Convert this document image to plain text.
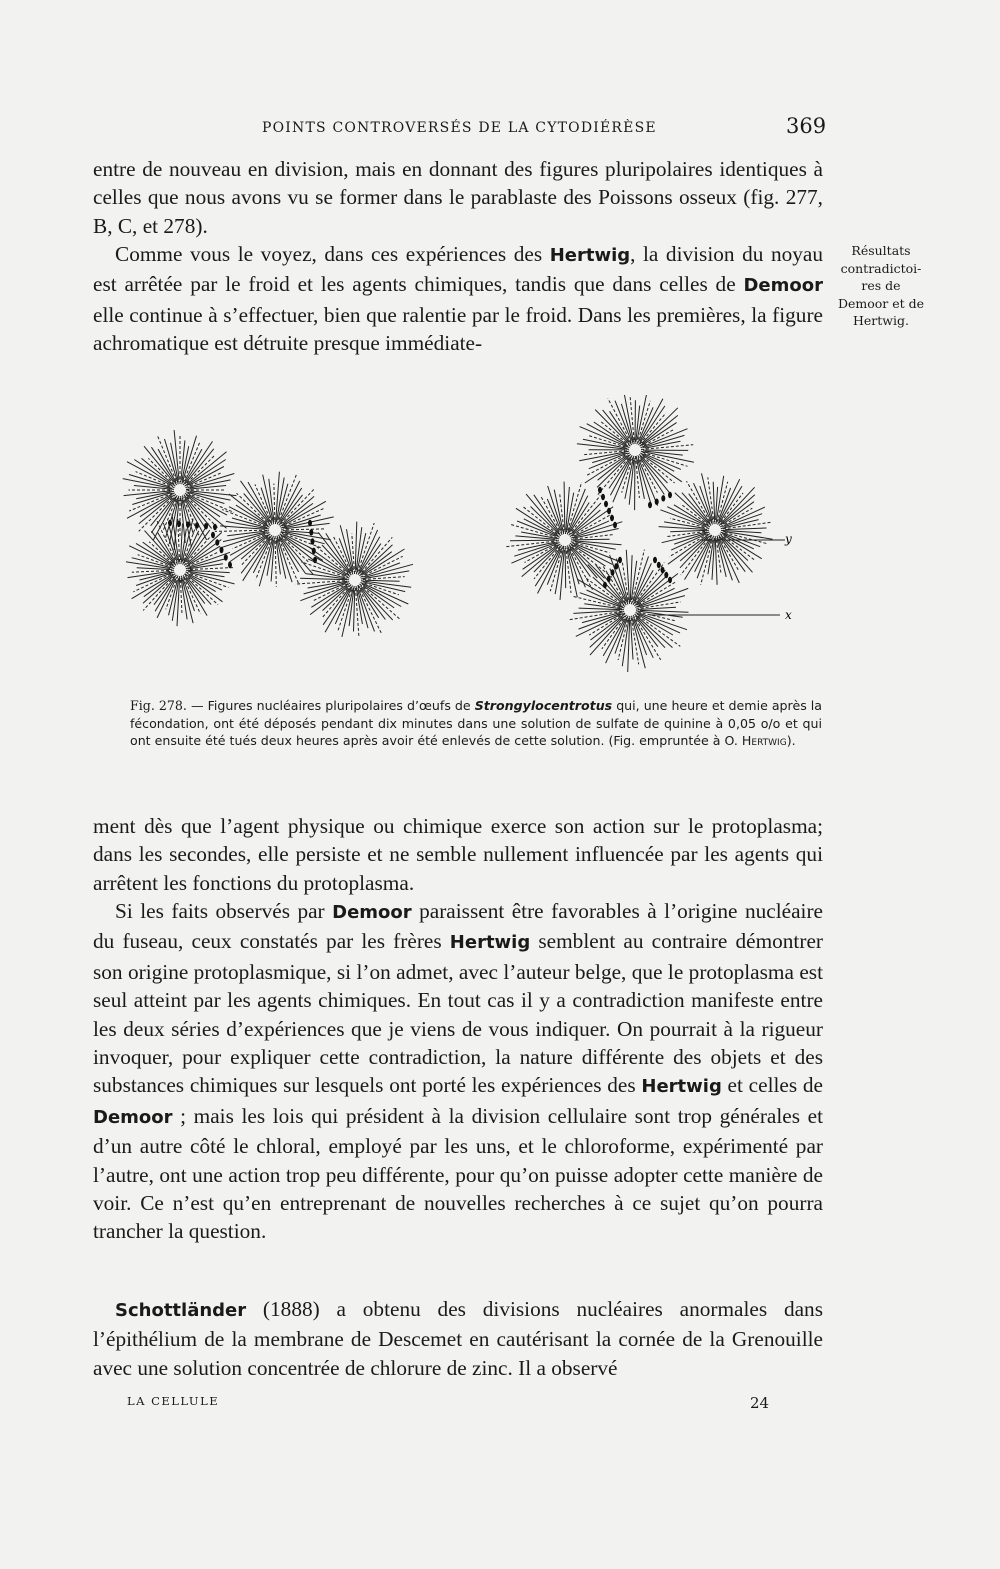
POINTS CONTROVERSÉS DE LA CYTODIÉRÈSE	369
entre de nouveau en division, mais en donnant des figures pluripolaires identiques à celles que nous avons vu se former dans le parablaste des Poissons osseux (fig. 277, B, C, et 278).
Comme vous le voyez, dans ces expériences des Hertwig, la division du noyau est arrêtée par le froid et les agents chimiques, tandis que dans celles de Demoor elle continue à s’effectuer, bien que ralentie par le froid. Dans les premières, la figure achromatique est détruite presque immédiate-
Résultats
contradictoi-
res de
Demoor et de
Hertwig.
y
x
Fig. 278. — Figures nucléaires pluripolaires d’œufs de Strongylocentrotus qui, une heure et demie après la fécondation, ont été déposés pendant dix minutes dans une solution de sulfate de quinine à 0,05 o/o et qui ont ensuite été tués deux heures après avoir été enlevés de cette solution. (Fig. empruntée à O. Hertwig).
ment dès que l’agent physique ou chimique exerce son action sur le protoplasma; dans les secondes, elle persiste et ne semble nullement influencée par les agents qui arrêtent les fonctions du protoplasma.
Si les faits observés par Demoor paraissent être favorables à l’origine nucléaire du fuseau, ceux constatés par les frères Hertwig semblent au contraire démontrer son origine protoplasmique, si l’on admet, avec l’auteur belge, que le protoplasma est seul atteint par les agents chimiques. En tout cas il y a contradiction manifeste entre les deux séries d’expériences que je viens de vous indiquer. On pourrait à la rigueur invoquer, pour expliquer cette contradiction, la nature différente des objets et des substances chimiques sur lesquels ont porté les expériences des Hertwig et celles de Demoor ; mais les lois qui président à la division cellulaire sont trop générales et d’un autre côté le chloral, employé par les uns, et le chloroforme, expérimenté par l’autre, ont une action trop peu différente, pour qu’on puisse adopter cette manière de voir. Ce n’est qu’en entreprenant de nouvelles recherches à ce sujet qu’on pourra trancher la question.
Schottländer (1888) a obtenu des divisions nucléaires anormales dans l’épithélium de la membrane de Descemet en cautérisant la cornée de la Grenouille avec une solution concentrée de chlorure de zinc. Il a observé
LA CELLULE	24
